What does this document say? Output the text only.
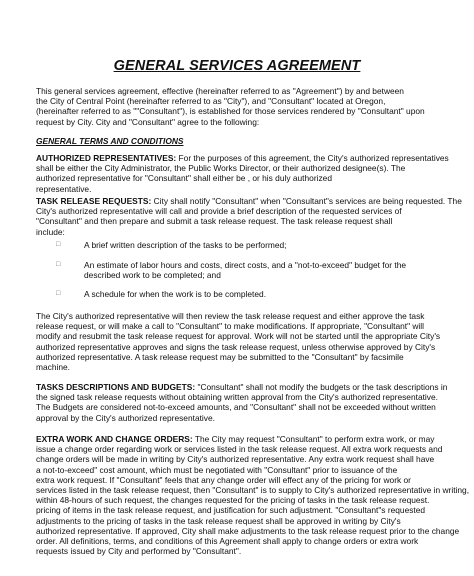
GENERAL SERVICES AGREEMENT
This general services agreement, effective (hereinafter referred to as "Agreement") by and between
the City of Central Point (hereinafter referred to as "City"), and "Consultant" located at Oregon,
(hereinafter referred to as ""Consultant"), is established for those services rendered by "Consultant" upon
request by City. City and "Consultant" agree to the following:
GENERAL TERMS AND CONDITIONS
AUTHORIZED REPRESENTATIVES: For the purposes of this agreement, the City's authorized representatives
shall be either the City Administrator, the Public Works Director, or their authorized designee(s). The
authorized representative for "Consultant" shall either be , or his duly authorized
representative.
TASK RELEASE REQUESTS: City shall notify "Consultant" when "Consultant"s services are being requested. The
City's authorized representative will call and provide a brief description of the requested services of
"Consultant" and then prepare and submit a task release request. The task release request shall
include:
□	A brief written description of the tasks to be performed;
□	An estimate of labor hours and costs, direct costs, and a "not-to-exceed" budget for the
described work to be completed; and
□	A schedule for when the work is to be completed.
The City's authorized representative will then review the task release request and either approve the task
release request, or will make a call to "Consultant" to make modifications. If appropriate, "Consultant" will
modify and resubmit the task release request for approval. Work will not be started until the appropriate City's
authorized representative approves and signs the task release request, unless otherwise approved by City's
authorized representative. A task release request may be submitted to the "Consultant" by facsimile
machine.
TASKS DESCRIPTIONS AND BUDGETS: "Consultant" shall not modify the budgets or the task descriptions in
the signed task release requests without obtaining written approval from the City's authorized representative.
The Budgets are considered not-to-exceed amounts, and "Consultant" shall not be exceeded without written
approval by the City's authorized representative.
EXTRA WORK AND CHANGE ORDERS: The City may request "Consultant" to perform extra work, or may
issue a change order regarding work or services listed in the task release request. All extra work requests and
change orders will be made in writing by City's authorized representative. Any extra work request shall have
a not-to-exceed" cost amount, which must be negotiated with "Consultant" prior to issuance of the
extra work request. If "Consultant" feels that any change order will effect any of the pricing for work or
services listed in the task release request, then "Consultant" is to supply to City's authorized representative in writing,
within 48-hours of such request, the changes requested for the pricing of tasks in the task release request.
pricing of items in the task release request, and justification for such adjustment. "Consultant"s requested
adjustments to the pricing of tasks in the task release request shall be approved in writing by City's
authorized representative. If approved, City shall make adjustments to the task release request prior to the change
order. All definitions, terms, and conditions of this Agreement shall apply to change orders or extra work
requests issued by City and performed by "Consultant".
